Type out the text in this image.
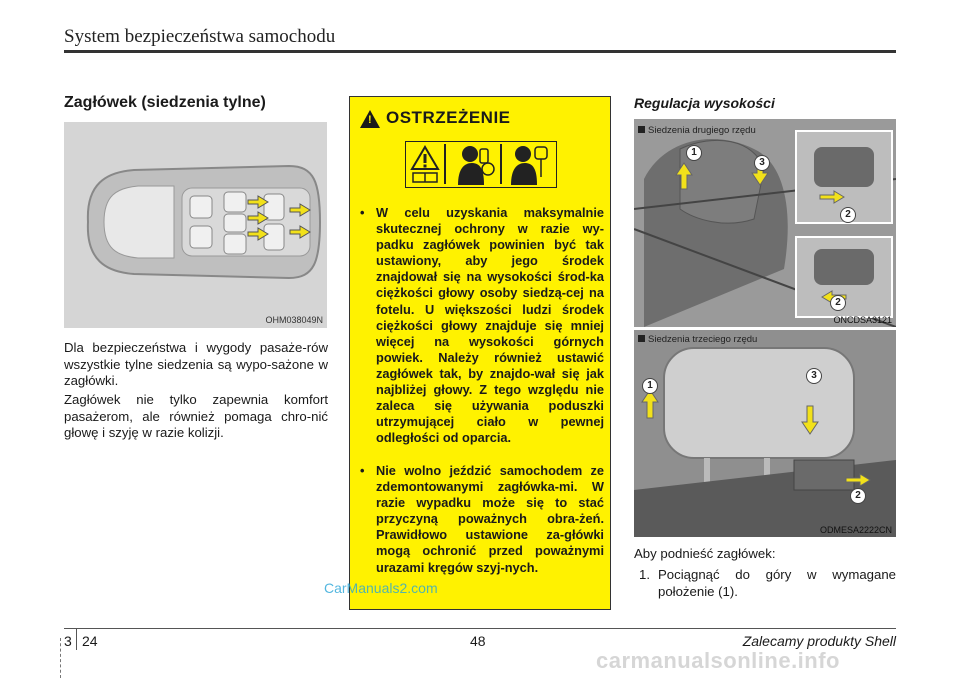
System bezpieczeństwa samochodu
Zagłówek (siedzenia tylne)
OHM038049N
Dla bezpieczeństwa i wygody pasaże-rów wszystkie tylne siedzenia są wypo-sażone w zagłówki.
Zagłówek nie tylko zapewnia komfort pasażerom, ale również pomaga chro-nić głowę i szyję w razie kolizji.
! OSTRZEŻENIE
• W celu uzyskania maksymalnie skutecznej ochrony w razie wy-padku zagłówek powinien być tak ustawiony, aby jego środek znajdował się na wysokości środ-ka ciężkości głowy osoby siedzą-cej na fotelu. U większości ludzi środek ciężkości głowy znajduje się mniej więcej na wysokości górnych powiek. Należy również ustawić zagłówek tak, by znajdo-wał się jak najbliżej głowy. Z tego względu nie zaleca się używania poduszki utrzymującej ciało w pewnej odległości od oparcia.
• Nie wolno jeździć samochodem ze zdemontowanymi zagłówka-mi. W razie wypadku może się to stać przyczyną poważnych obra-żeń. Prawidłowo ustawione za-główki mogą ochronić przed poważnymi urazami kręgów szyj-nych.
Regulacja wysokości
Siedzenia drugiego rzędu
1
3
2
2
ONCDSA3121
Siedzenia trzeciego rzędu
1
3
2
ODMESA2222CN
Aby podnieść zagłówek:
1. Pociągnąć do góry w wymagane położenie (1).
CarManuals2.com
3 24	48	Zalecamy produkty Shell
carmanualsonline.info
